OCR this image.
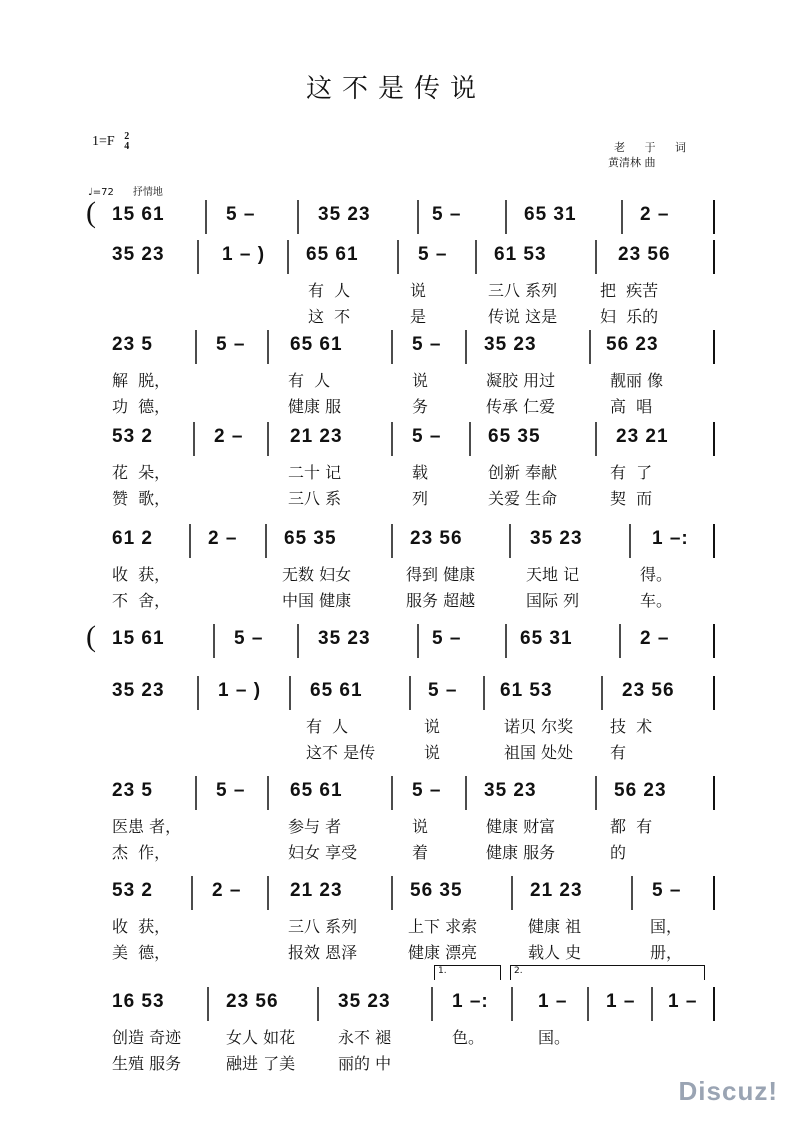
这不是传说
1=F 2
4	老 于 词
黄清林 曲
♩=72 抒情地
( 15 61	5 –	35 23	5 –	65 31	2 –
35 23	1 – ) 65 61	5 – 61 53	23 56
有  人	说	三八 系列	把  疾苦
这  不	是	传说 这是	妇  乐的
23 5	5 – 65 61	5 – 35 23	56 23
解  脱，	有  人	说	凝胶 用过	靓丽 像
功  德，	健康 服	务	传承 仁爱	高  唱
53 2	2 – 21 23	5 – 65 35	23 21
花  朵，	二十 记	载	创新 奉献	有  了
赞  歌，	三八 系	列	关爱 生命	契  而
61 2	2 – 65 35	23 56	35 23	1 –:
收  获，	无数 妇女	得到 健康	天地 记	得。
不  舍，	中国 健康	服务 超越	国际 列	车。
( 15 61	5 –	35 23	5 –	65 31	2 –
35 23	1 – )	65 61	5 – 61 53	23 56
有  人	说	诺贝 尔奖 技  术
这不 是传	说	祖国 处处 有
23 5	5 – 65 61	5 – 35 23	56 23
医患 者，	参与 者	说	健康 财富	都  有
杰  作，	妇女 享受	着	健康 服务	的
53 2	2 –	21 23	56 35	21 23	5 –
收  获，	三八 系列	上下 求索	健康 祖	国，
美  德，	报效 恩泽	健康 漂亮	载人 史	册，
16 53	23 56	35 23	1 –:	1 – 1 – 1 –
创造 奇迹	女人 如花	永不 褪	色。	国。
生殖 服务	融进 了美	丽的 中
1.	2.
Discuz!
